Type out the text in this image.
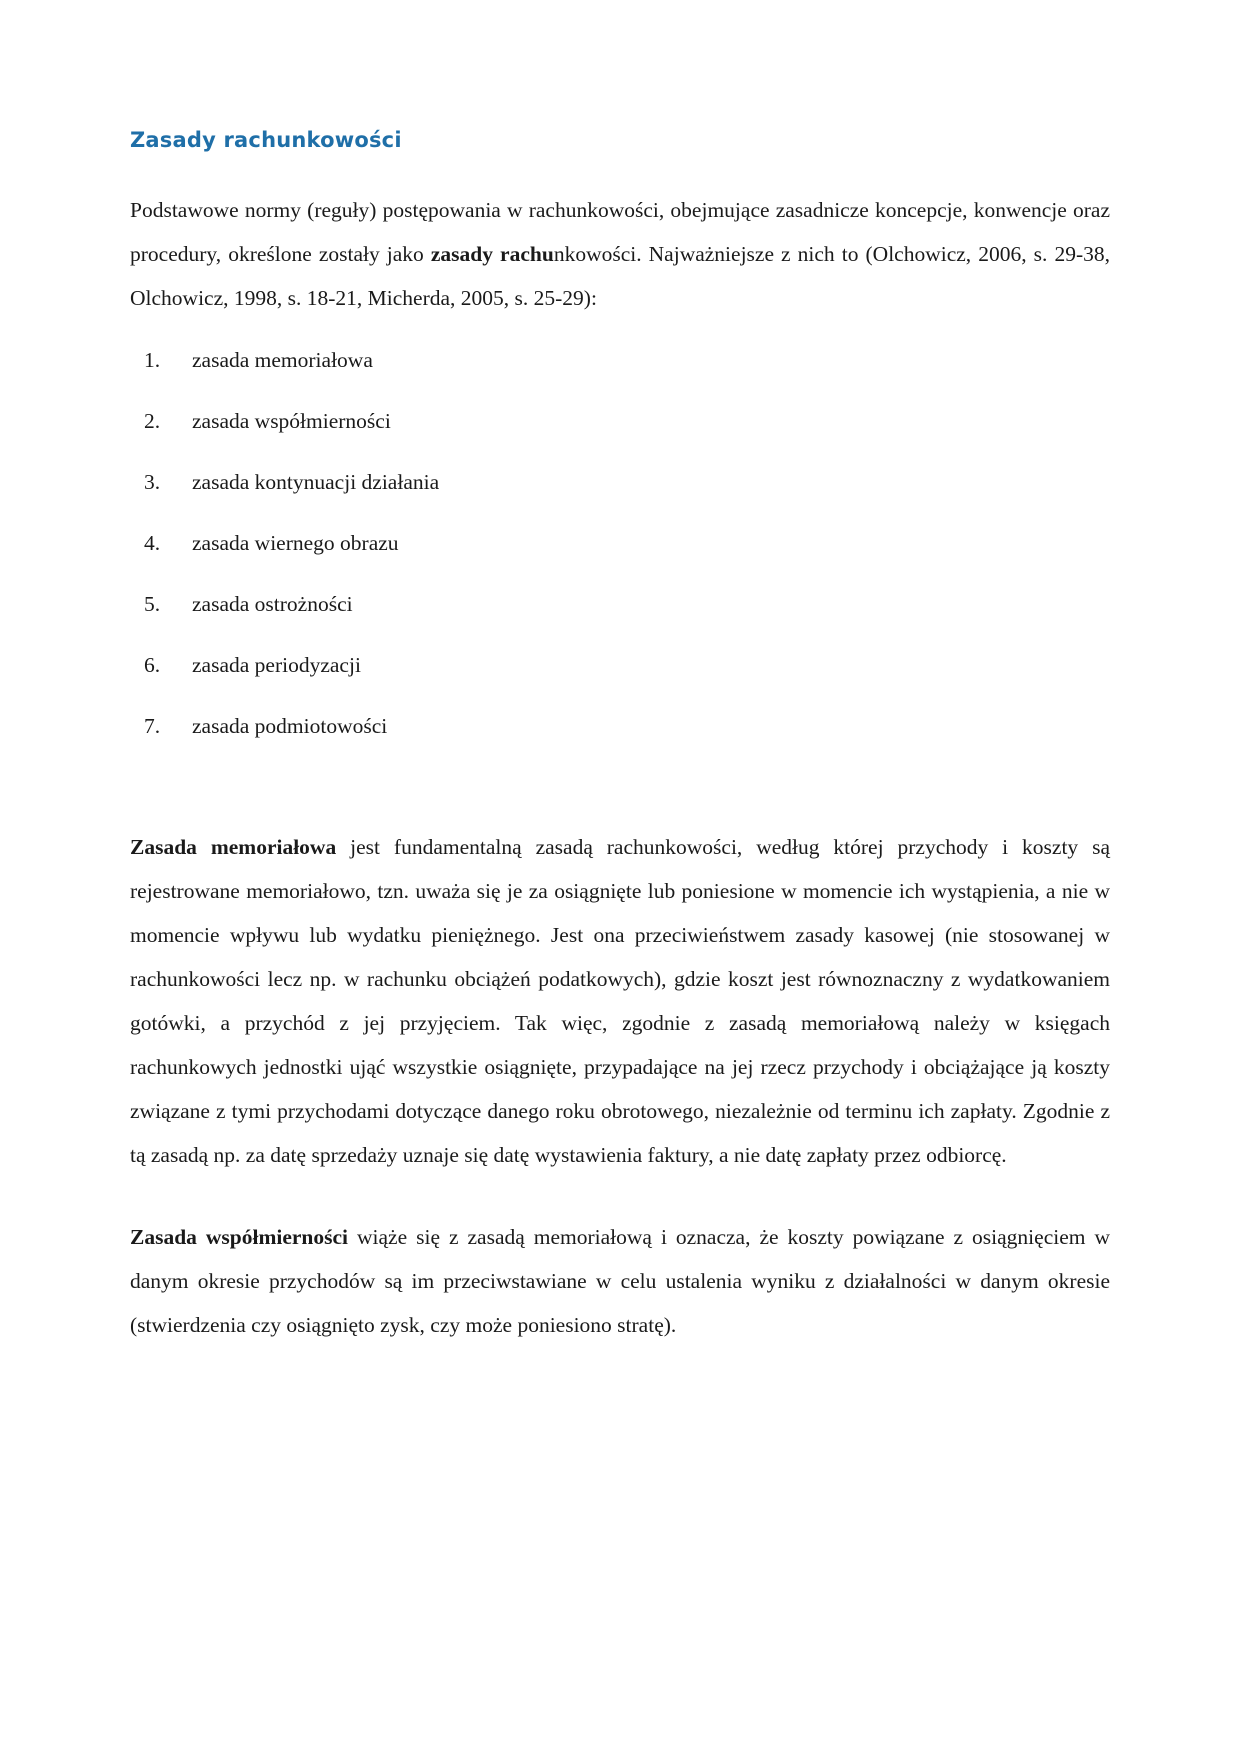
Zasady rachunkowości

Podstawowe normy (reguły) postępowania w rachunkowości, obejmujące zasadnicze koncepcje, konwencje oraz procedury, określone zostały jako zasady rachunkowości. Najważniejsze z nich to (Olchowicz, 2006, s. 29-38, Olchowicz, 1998, s. 18-21, Micherda, 2005, s. 25-29):

1.	zasada memoriałowa
2.	zasada współmierności
3.	zasada kontynuacji działania
4.	zasada wiernego obrazu
5.	zasada ostrożności
6.	zasada periodyzacji
7.	zasada podmiotowości

Zasada memoriałowa jest fundamentalną zasadą rachunkowości, według której przychody i koszty są rejestrowane memoriałowo, tzn. uważa się je za osiągnięte lub poniesione w momencie ich wystąpienia, a nie w momencie wpływu lub wydatku pieniężnego. Jest ona przeciwieństwem zasady kasowej (nie stosowanej w rachunkowości lecz np. w rachunku obciążeń podatkowych), gdzie koszt jest równoznaczny z wydatkowaniem gotówki, a przychód z jej przyjęciem. Tak więc, zgodnie z zasadą memoriałową należy w księgach rachunkowych jednostki ująć wszystkie osiągnięte, przypadające na jej rzecz przychody i obciążające ją koszty związane z tymi przychodami dotyczące danego roku obrotowego, niezależnie od terminu ich zapłaty. Zgodnie z tą zasadą np. za datę sprzedaży uznaje się datę wystawienia faktury, a nie datę zapłaty przez odbiorcę.

Zasada współmierności wiąże się z zasadą memoriałową i oznacza, że koszty powiązane z osiągnięciem w danym okresie przychodów są im przeciwstawiane w celu ustalenia wyniku z działalności w danym okresie (stwierdzenia czy osiągnięto zysk, czy może poniesiono stratę).
